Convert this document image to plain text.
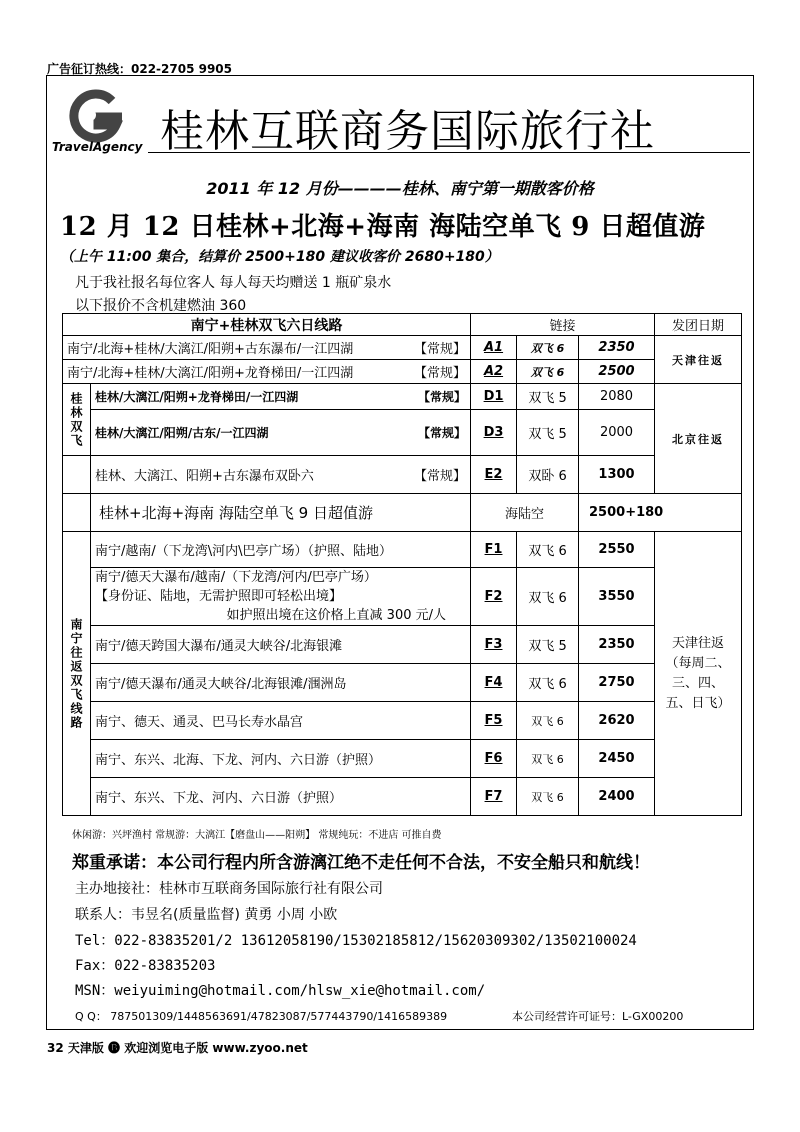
广告征订热线：022-2705 9905
TravelAgency 桂林互联商务国际旅行社
2011 年 12 月份————桂林、南宁第一期散客价格
12 月 12 日桂林+北海+海南 海陆空单飞 9 日超值游
（上午 11:00 集合，结算价 2500+180 建议收客价 2680+180）
凡于我社报名每位客人 每人每天均赠送 1 瓶矿泉水
以下报价不含机建燃油 360
南宁+桂林双飞六日线路		链接			发团日期
南宁/北海+桂林/大漓江/阳朔+古东瀑布/一江四湖 【常规】		A1	双飞 6	2350	天津往返
南宁/北海+桂林/大漓江/阳朔+龙脊梯田/一江四湖 【常规】		A2	双飞 6	2500	
桂林双飞	桂林/大漓江/阳朔+龙脊梯田/一江四湖 【常规】	D1	双飞 5	2080	北京往返
	桂林/大漓江/阳朔/古东/一江四湖 【常规】	D3	双飞 5	2000	
	桂林、大漓江、阳朔+古东瀑布双卧六 【常规】	E2	双卧 6	1300	
	桂林+北海+海南 海陆空单飞 9 日超值游	海陆空		2500+180	
南宁往返双飞线路	南宁/越南/（下龙湾\河内\巴亭广场）（护照、陆地）	F1	双飞 6	2550	天津往返（每周二、三、四、五、日飞）

	南宁/德天大瀑布/越南/（下龙湾/河内/巴亭广场）
【身份证、陆地，无需护照即可轻松出境】
如护照出境在这价格上直减 300 元/人	F2	双飞 6	3550	
	南宁/德天跨国大瀑布/通灵大峡谷/北海银滩	F3	双飞 5	2350	
	南宁/德天瀑布/通灵大峡谷/北海银滩/涠洲岛	F4	双飞 6	2750	
	南宁、德天、通灵、巴马长寿水晶宫	F5	双飞 6	2620	
	南宁、东兴、北海、下龙、河内、六日游（护照）	F6	双飞 6	2450	
	南宁、东兴、下龙、河内、六日游（护照）	F7	双飞 6	2400	
休闲游：兴坪渔村 常规游：大漓江【磨盘山——阳朔】 常规纯玩：不进店 可推自费
郑重承诺：本公司行程内所含游漓江绝不走任何不合法，不安全船只和航线！
主办地接社：桂林市互联商务国际旅行社有限公司
联系人：韦昱名(质量监督) 黄勇 小周 小欧
Tel：022-83835201/2 13612058190/15302185812/15620309302/13502100024
Fax：022-83835203
MSN：weiyuiming@hotmail.com/hlsw_xie@hotmail.com/
Q Q： 787501309/1448563691/47823087/577443790/1416589389	本公司经营许可证号：L-GX00200
32 天津版 🅑 欢迎浏览电子版 www.zyoo.net
